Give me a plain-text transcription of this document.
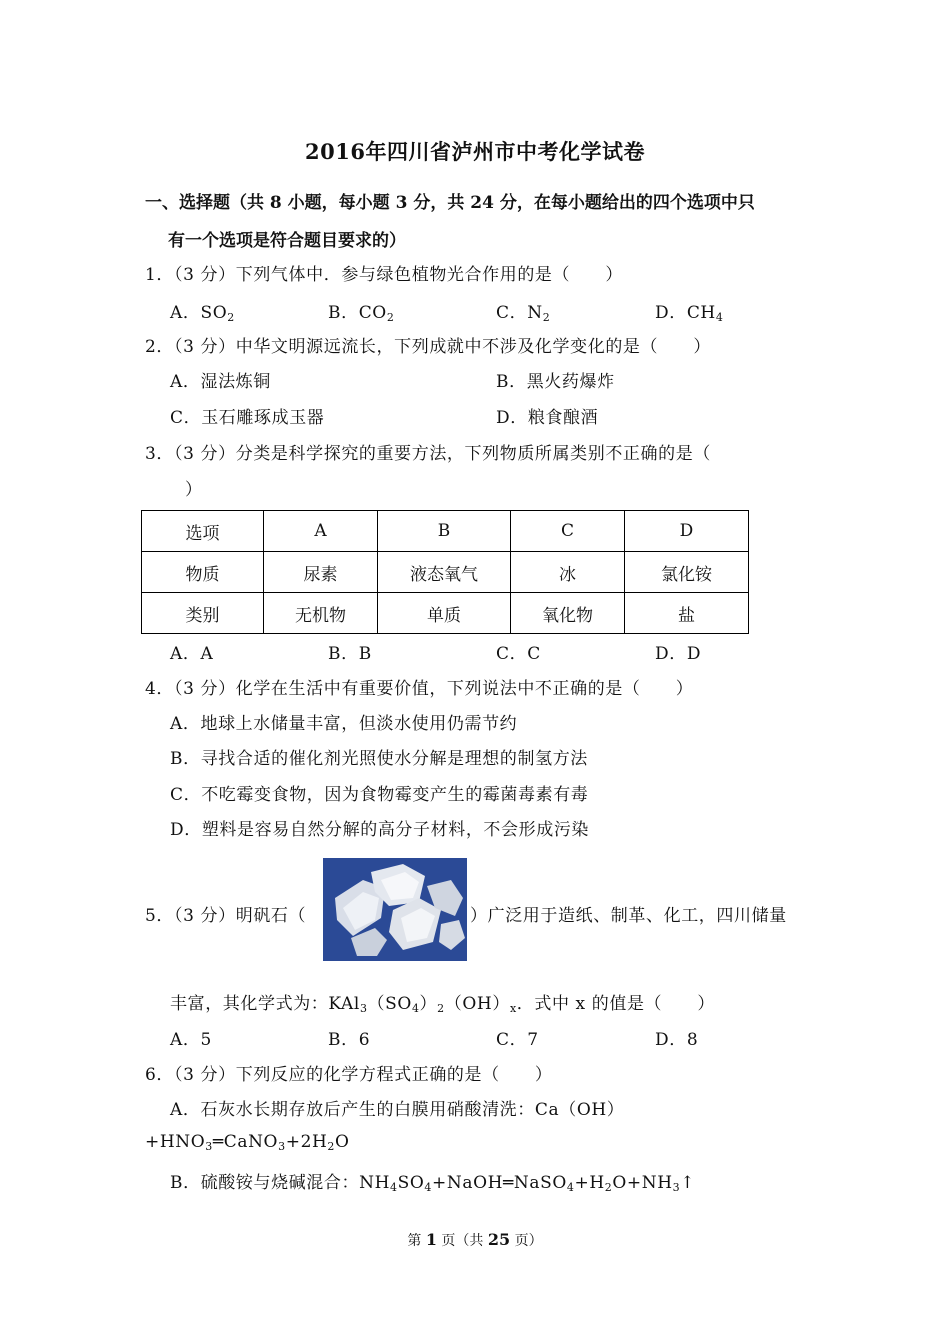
2016年四川省泸州市中考化学试卷
一、选择题（共 8 小题，每小题 3 分，共 24 分，在每小题给出的四个选项中只
有一个选项是符合题目要求的）
1．（3 分）下列气体中．参与绿色植物光合作用的是（　　）
A．$SO_2$	B．$CO_2$	C．$N_2$	D．$CH_4$
2．（3 分）中华文明源远流长，下列成就中不涉及化学变化的是（　　）
A．湿法炼铜	B．黑火药爆炸
C．玉石雕琢成玉器	D．粮食酿酒
3．（3 分）分类是科学探究的重要方法，下列物质所属类别不正确的是（
）
选项	A	B	C	D
物质	尿素	液态氧气	冰	氯化铵
类别	无机物	单质	氧化物	盐
A．A	B．B	C．C	D．D
4．（3 分）化学在生活中有重要价值，下列说法中不正确的是（　　）
A．地球上水储量丰富，但淡水使用仍需节约
B．寻找合适的催化剂光照使水分解是理想的制氢方法
C．不吃霉变食物，因为食物霉变产生的霉菌毒素有毒
D．塑料是容易自然分解的高分子材料，不会形成污染
5．（3 分）明矾石（	）广泛用于造纸、制革、化工，四川储量
丰富，其化学式为：$KAl_3(SO_4)_2(OH)_x$．式中 x 的值是（　　）
A．5	B．6	C．7	D．8
6．（3 分）下列反应的化学方程式正确的是（　　）
A．石灰水长期存放后产生的白膜用硝酸清洗：Ca（OH）
$+HNO_3═CaNO_3+2H_2O$
B．硫酸铵与烧碱混合：$NH_4SO_4+NaOH═NaSO_4+H_2O+NH_3↑$
第 1 页（共 25 页）
